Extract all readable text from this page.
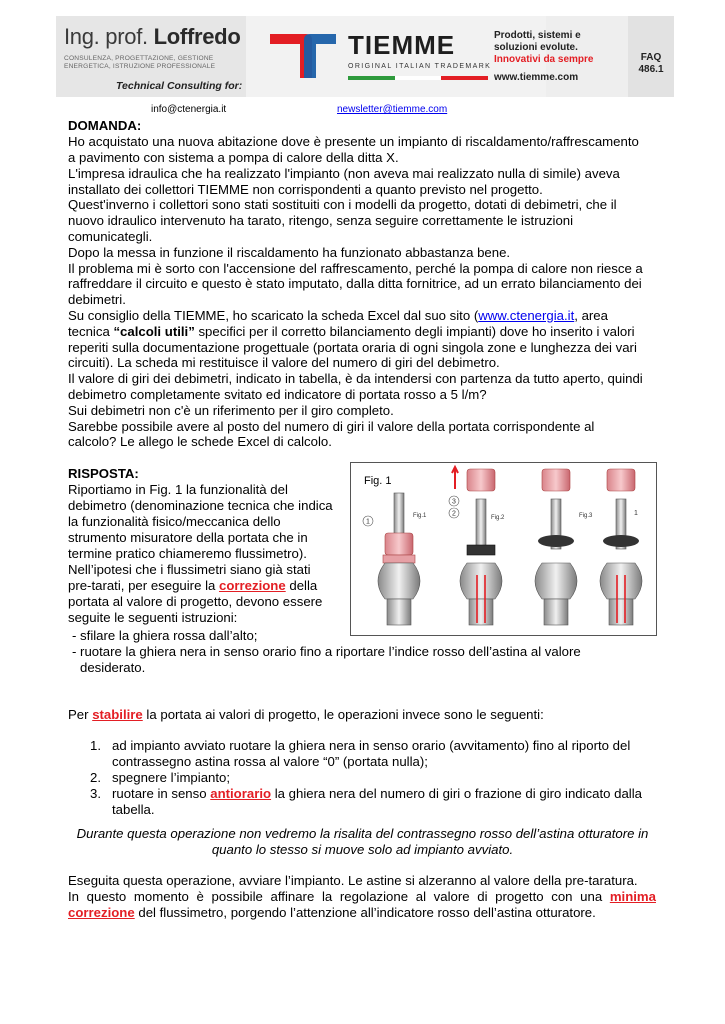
Ing. prof. Loffredo
CONSULENZA, PROGETTAZIONE, GESTIONE
ENERGETICA, ISTRUZIONE PROFESSIONALE
Technical Consulting for:
TIEMME
ORIGINAL ITALIAN TRADEMARK
Prodotti, sistemi e
soluzioni evolute.
Innovativi da sempre
www.tiemme.com
FAQ
486.1
info@ctenergia.it	newsletter@tiemme.com
DOMANDA:
Ho acquistato una nuova abitazione dove è presente un impianto di riscaldamento/raffrescamento
a pavimento con sistema a pompa di calore della ditta X.
L'impresa idraulica che ha realizzato l'impianto (non aveva mai realizzato nulla di simile) aveva
installato dei collettori TIEMME non corrispondenti a quanto previsto nel progetto.
Quest'inverno i collettori sono stati sostituiti con i modelli da progetto, dotati di debimetri, che il
nuovo idraulico intervenuto ha tarato, ritengo, senza seguire correttamente le istruzioni
comunicategli.
Dopo la messa in funzione il riscaldamento ha funzionato abbastanza bene.
Il problema mi è sorto con l'accensione del raffrescamento, perché la pompa di calore non riesce a
raffreddare il circuito e questo è stato imputato, dalla ditta fornitrice, ad un errato bilanciamento dei
debimetri.
Su consiglio della TIEMME, ho scaricato la scheda Excel dal suo sito (www.ctenergia.it, area
tecnica “calcoli utili” specifici per il corretto bilanciamento degli impianti) dove ho inserito i valori
reperiti sulla documentazione progettuale (portata oraria di ogni singola zone e lunghezza dei vari
circuiti). La scheda mi restituisce il valore del numero di giri del debimetro.
Il valore di giri dei debimetri, indicato in tabella, è da intendersi con partenza da tutto aperto, quindi
debimetro completamente svitato ed indicatore di portata rosso a 5 l/m?
Sui debimetri non c'è un riferimento per il giro completo.
Sarebbe possibile avere al posto del numero di giri il valore della portata corrispondente al
calcolo? Le allego le schede Excel di calcolo.
RISPOSTA:
Riportiamo in Fig. 1 la funzionalità del
debimetro (denominazione tecnica che indica
la funzionalità fisico/meccanica dello
strumento misuratore della portata che in
termine pratico chiameremo flussimetro).
Nell’ipotesi che i flussimetri siano già stati
pre-tarati, per eseguire la correzione della
portata al valore di progetto, devono essere
seguite le seguenti istruzioni:
Fig. 1
Fig.1	Fig.2	Fig.3
1
3
2	1
- sfilare la ghiera rossa dall’alto;
- ruotare la ghiera nera in senso orario fino a riportare l’indice rosso dell’astina al valore
desiderato.
Per stabilire la portata ai valori di progetto, le operazioni invece sono le seguenti:
1. ad impianto avviato ruotare la ghiera nera in senso orario (avvitamento) fino al riporto del
contrassegno astina rossa al valore “0” (portata nulla);
2. spegnere l’impianto;
3. ruotare in senso antiorario la ghiera nera del numero di giri o frazione di giro indicato dalla
tabella.
Durante questa operazione non vedremo la risalita del contrassegno rosso dell’astina otturatore in
quanto lo stesso si muove solo ad impianto avviato.
Eseguita questa operazione, avviare l’impianto. Le astine si alzeranno al valore della pre-taratura.
In questo momento è possibile affinare la regolazione al valore di progetto con una minima
correzione del flussimetro, porgendo l’attenzione all’indicatore rosso dell’astina otturatore.
